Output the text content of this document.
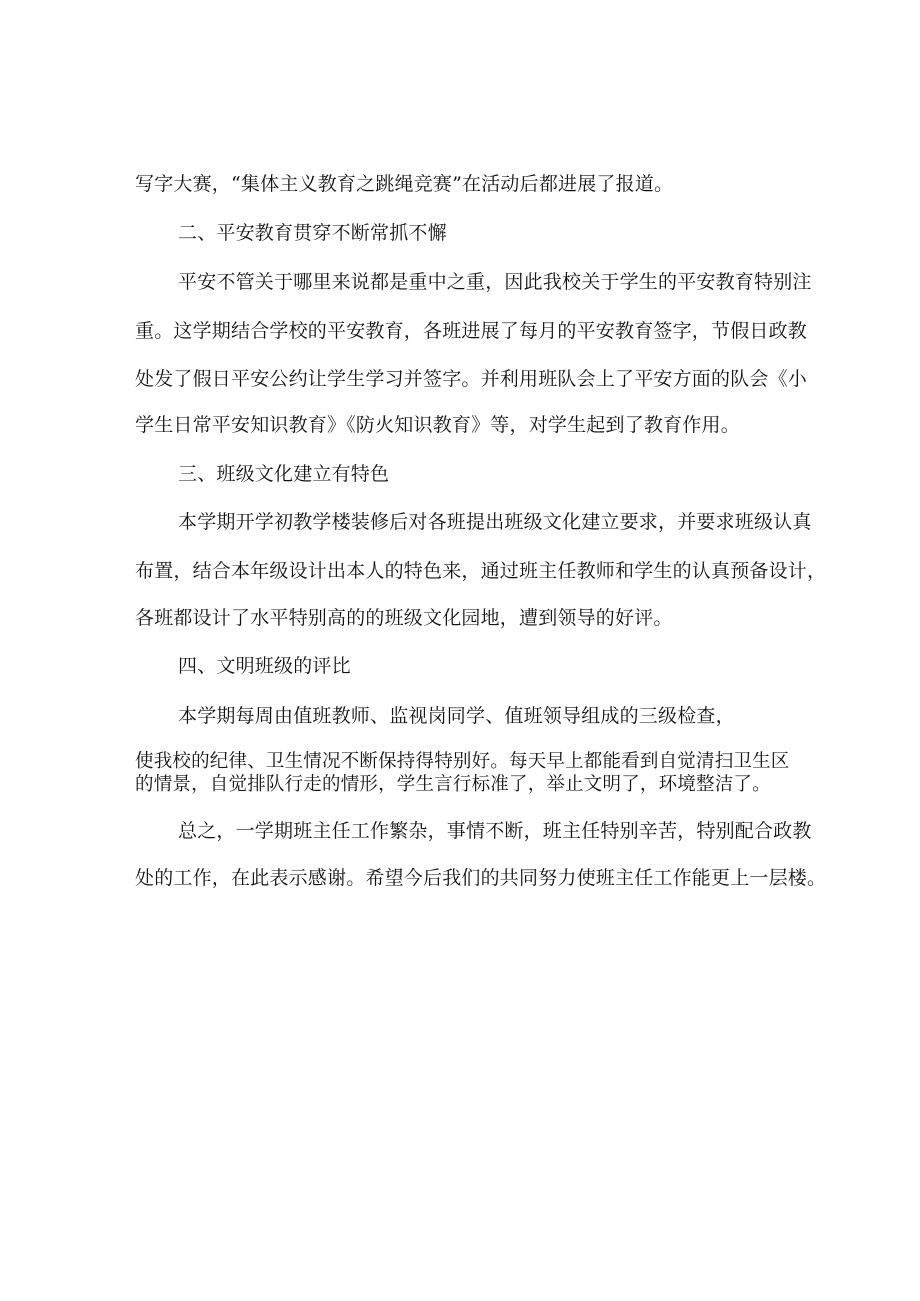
写字大赛，“集体主义教育之跳绳竞赛”在活动后都进展了报道。
二、平安教育贯穿不断常抓不懈
平安不管关于哪里来说都是重中之重，因此我校关于学生的平安教育特别注
重。这学期结合学校的平安教育，各班进展了每月的平安教育签字，节假日政教
处发了假日平安公约让学生学习并签字。并利用班队会上了平安方面的队会《小
学生日常平安知识教育》《防火知识教育》等，对学生起到了教育作用。
三、班级文化建立有特色
本学期开学初教学楼装修后对各班提出班级文化建立要求，并要求班级认真
布置，结合本年级设计出本人的特色来，通过班主任教师和学生的认真预备设计，
各班都设计了水平特别高的的班级文化园地，遭到领导的好评。
四、文明班级的评比
本学期每周由值班教师、监视岗同学、值班领导组成的三级检查，
使我校的纪律、卫生情况不断保持得特别好。每天早上都能看到自觉清扫卫生区
的情景，自觉排队行走的情形，学生言行标准了，举止文明了，环境整洁了。
总之，一学期班主任工作繁杂，事情不断，班主任特别辛苦，特别配合政教
处的工作，在此表示感谢。希望今后我们的共同努力使班主任工作能更上一层楼。
